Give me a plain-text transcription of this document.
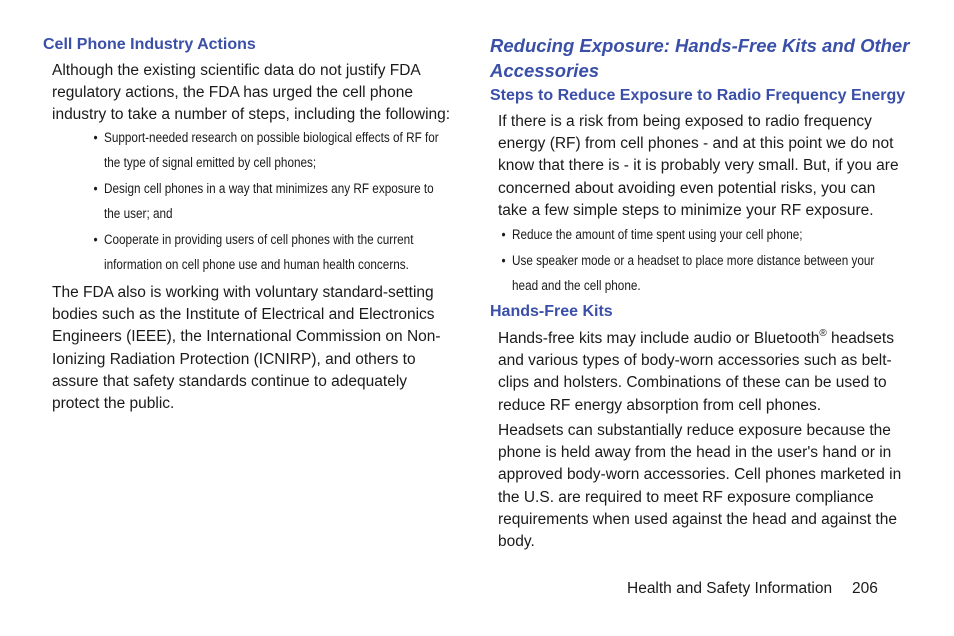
Cell Phone Industry Actions

Although the existing scientific data do not justify FDA regulatory actions, the FDA has urged the cell phone industry to take a number of steps, including the following:

• Support-needed research on possible biological effects of RF for the type of signal emitted by cell phones;

• Design cell phones in a way that minimizes any RF exposure to the user; and

• Cooperate in providing users of cell phones with the current information on cell phone use and human health concerns.

The FDA also is working with voluntary standard-setting bodies such as the Institute of Electrical and Electronics Engineers (IEEE), the International Commission on Non-Ionizing Radiation Protection (ICNIRP), and others to assure that safety standards continue to adequately protect the public.

Reducing Exposure: Hands-Free Kits and Other Accessories
Steps to Reduce Exposure to Radio Frequency Energy

If there is a risk from being exposed to radio frequency energy (RF) from cell phones - and at this point we do not know that there is - it is probably very small. But, if you are concerned about avoiding even potential risks, you can take a few simple steps to minimize your RF exposure.

• Reduce the amount of time spent using your cell phone;

• Use speaker mode or a headset to place more distance between your head and the cell phone.

Hands-Free Kits

Hands-free kits may include audio or Bluetooth® headsets and various types of body-worn accessories such as belt-clips and holsters. Combinations of these can be used to reduce RF energy absorption from cell phones.

Headsets can substantially reduce exposure because the phone is held away from the head in the user's hand or in approved body-worn accessories. Cell phones marketed in the U.S. are required to meet RF exposure compliance requirements when used against the head and against the body.

Health and Safety Information 206
